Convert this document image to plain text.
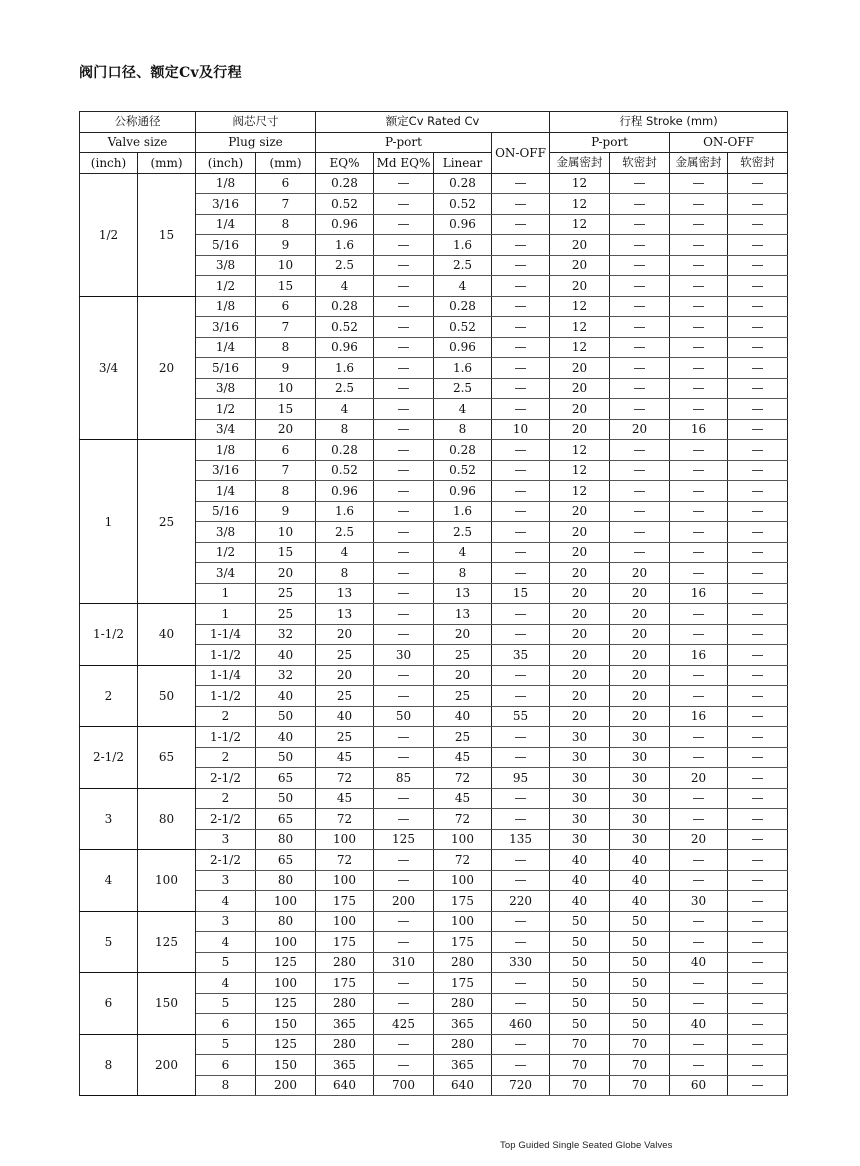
阀门口径、额定Cv及行程
公称通径		阀芯尺寸		额定Cv Rated Cv				行程 Stroke (mm)			
Valve size		Plug size		P-port			ON-OFF	P-port		ON-OFF	
(inch)	(mm)	(inch)	(mm)	EQ%	Md EQ%	Linear		金属密封	软密封	金属密封	软密封
1/2	15	1/8	6	0.28	—	0.28	—	12	—	—	—
		3/16	7	0.52	—	0.52	—	12	—	—	—
		1/4	8	0.96	—	0.96	—	12	—	—	—
		5/16	9	1.6	—	1.6	—	20	—	—	—
		3/8	10	2.5	—	2.5	—	20	—	—	—
		1/2	15	4	—	4	—	20	—	—	—
3/4	20	1/8	6	0.28	—	0.28	—	12	—	—	—
		3/16	7	0.52	—	0.52	—	12	—	—	—
		1/4	8	0.96	—	0.96	—	12	—	—	—
		5/16	9	1.6	—	1.6	—	20	—	—	—
		3/8	10	2.5	—	2.5	—	20	—	—	—
		1/2	15	4	—	4	—	20	—	—	—
		3/4	20	8	—	8	10	20	20	16	—
1	25	1/8	6	0.28	—	0.28	—	12	—	—	—
		3/16	7	0.52	—	0.52	—	12	—	—	—
		1/4	8	0.96	—	0.96	—	12	—	—	—
		5/16	9	1.6	—	1.6	—	20	—	—	—
		3/8	10	2.5	—	2.5	—	20	—	—	—
		1/2	15	4	—	4	—	20	—	—	—
		3/4	20	8	—	8	—	20	20	—	—
		1	25	13	—	13	15	20	20	16	—
1-1/2	40	1	25	13	—	13	—	20	20	—	—
		1-1/4	32	20	—	20	—	20	20	—	—
		1-1/2	40	25	30	25	35	20	20	16	—
2	50	1-1/4	32	20	—	20	—	20	20	—	—
		1-1/2	40	25	—	25	—	20	20	—	—
		2	50	40	50	40	55	20	20	16	—
2-1/2	65	1-1/2	40	25	—	25	—	30	30	—	—
		2	50	45	—	45	—	30	30	—	—
		2-1/2	65	72	85	72	95	30	30	20	—
3	80	2	50	45	—	45	—	30	30	—	—
		2-1/2	65	72	—	72	—	30	30	—	—
		3	80	100	125	100	135	30	30	20	—
4	100	2-1/2	65	72	—	72	—	40	40	—	—
		3	80	100	—	100	—	40	40	—	—
		4	100	175	200	175	220	40	40	30	—
5	125	3	80	100	—	100	—	50	50	—	—
		4	100	175	—	175	—	50	50	—	—
		5	125	280	310	280	330	50	50	40	—
6	150	4	100	175	—	175	—	50	50	—	—
		5	125	280	—	280	—	50	50	—	—
		6	150	365	425	365	460	50	50	40	—
8	200	5	125	280	—	280	—	70	70	—	—
		6	150	365	—	365	—	70	70	—	—
		8	200	640	700	640	720	70	70	60	—
Top Guided Single Seated Globe Valves
